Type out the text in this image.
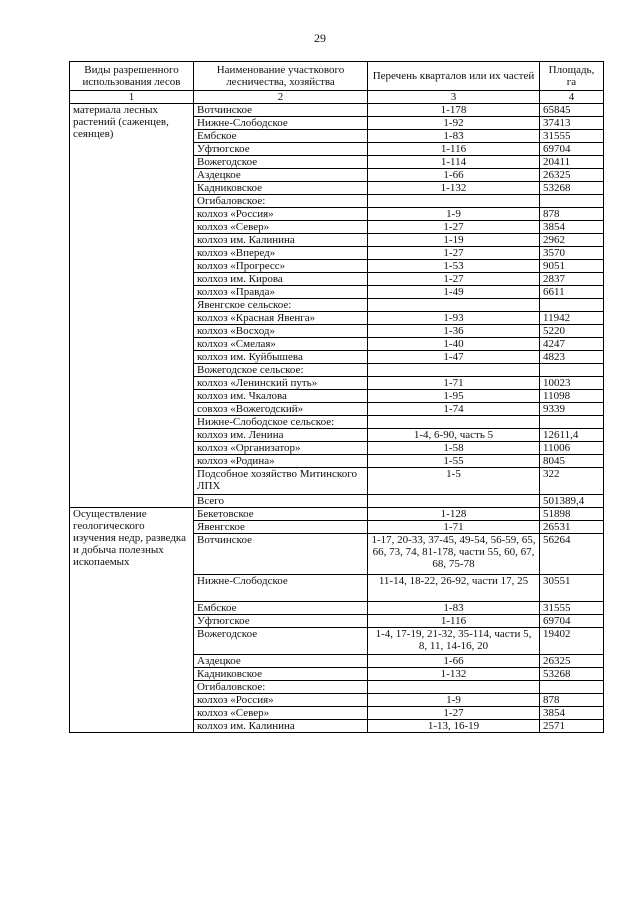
29
Виды разрешенного использования лесов	Наименование участкового лесничества, хозяйства	Перечень кварталов или их частей	Площадь, га
1	2	3	4
материала лесных растений (саженцев, сеянцев)	Вотчинское	1-178	65845
	Нижне-Слободское	1-92	37413
	Ембское	1-83	31555
	Уфтюгское	1-116	69704
	Вожегодское	1-114	20411
	Аздецкое	1-66	26325
	Кадниковское	1-132	53268
	Огибаловское:		
	колхоз «Россия»	1-9	878
	колхоз «Север»	1-27	3854
	колхоз им. Калинина	1-19	2962
	колхоз «Вперед»	1-27	3570
	колхоз «Прогресс»	1-53	9051
	колхоз им. Кирова	1-27	2837
	колхоз «Правда»	1-49	6611
	Явенгское сельское:		
	колхоз «Красная Явенга»	1-93	11942
	колхоз «Восход»	1-36	5220
	колхоз «Смелая»	1-40	4247
	колхоз им. Куйбышева	1-47	4823
	Вожегодское сельское:		
	колхоз «Ленинский путь»	1-71	10023
	колхоз им. Чкалова	1-95	11098
	совхоз «Вожегодский»	1-74	9339
	Нижне-Слободское сельское:		
	колхоз им. Ленина	1-4, 6-90, часть 5	12611,4
	колхоз «Организатор»	1-58	11006
	колхоз «Родина»	1-55	8045
	Подсобное хозяйство Митинского ЛПХ	1-5	322
	Всего		501389,4
Осуществление геологического изучения недр, разведка и добыча полезных ископаемых	Бекетовское	1-128	51898
	Явенгское	1-71	26531
	Вотчинское	1-17, 20-33, 37-45, 49-54, 56-59, 65, 66, 73, 74, 81-178, части 55, 60, 67, 68, 75-78	56264
	Нижне-Слободское	11-14, 18-22, 26-92, части 17, 25	30551
	Ембское	1-83	31555
	Уфтюгское	1-116	69704
	Вожегодское	1-4, 17-19, 21-32, 35-114, части 5, 8, 11, 14-16, 20	19402
	Аздецкое	1-66	26325
	Кадниковское	1-132	53268
	Огибаловское:		
	колхоз «Россия»	1-9	878
	колхоз «Север»	1-27	3854
	колхоз им. Калинина	1-13, 16-19	2571
